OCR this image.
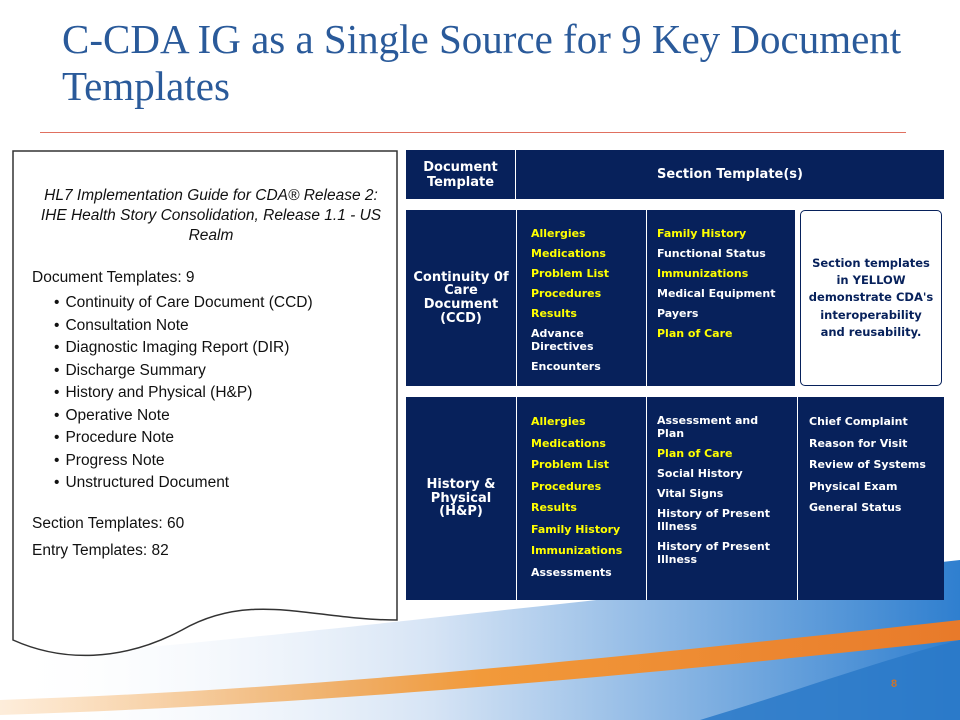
C-CDA IG as a Single Source for 9 Key Document Templates
HL7 Implementation Guide for CDA® Release 2: IHE Health Story Consolidation, Release 1.1 - US Realm
Document Templates: 9
• Continuity of Care Document (CCD)
• Consultation Note
• Diagnostic Imaging Report (DIR)
• Discharge Summary
• History and Physical (H&P)
• Operative Note
• Procedure Note
• Progress Note
• Unstructured Document
Section Templates: 60
Entry Templates: 82
Document Template	Section Template(s)
Continuity 0f Care Document (CCD)
Allergies
Medications
Problem List
Procedures
Results
Advance Directives
Encounters
Family History
Functional Status
Immunizations
Medical Equipment
Payers
Plan of Care
Section templates in YELLOW demonstrate CDA's interoperability and reusability.
History & Physical (H&P)
Allergies
Medications
Problem List
Procedures
Results
Family History
Immunizations
Assessments
Assessment and Plan
Plan of Care
Social History
Vital Signs
History of Present Illness
History of Present Illness
Chief Complaint
Reason for Visit
Review of Systems
Physical Exam
General Status
8
